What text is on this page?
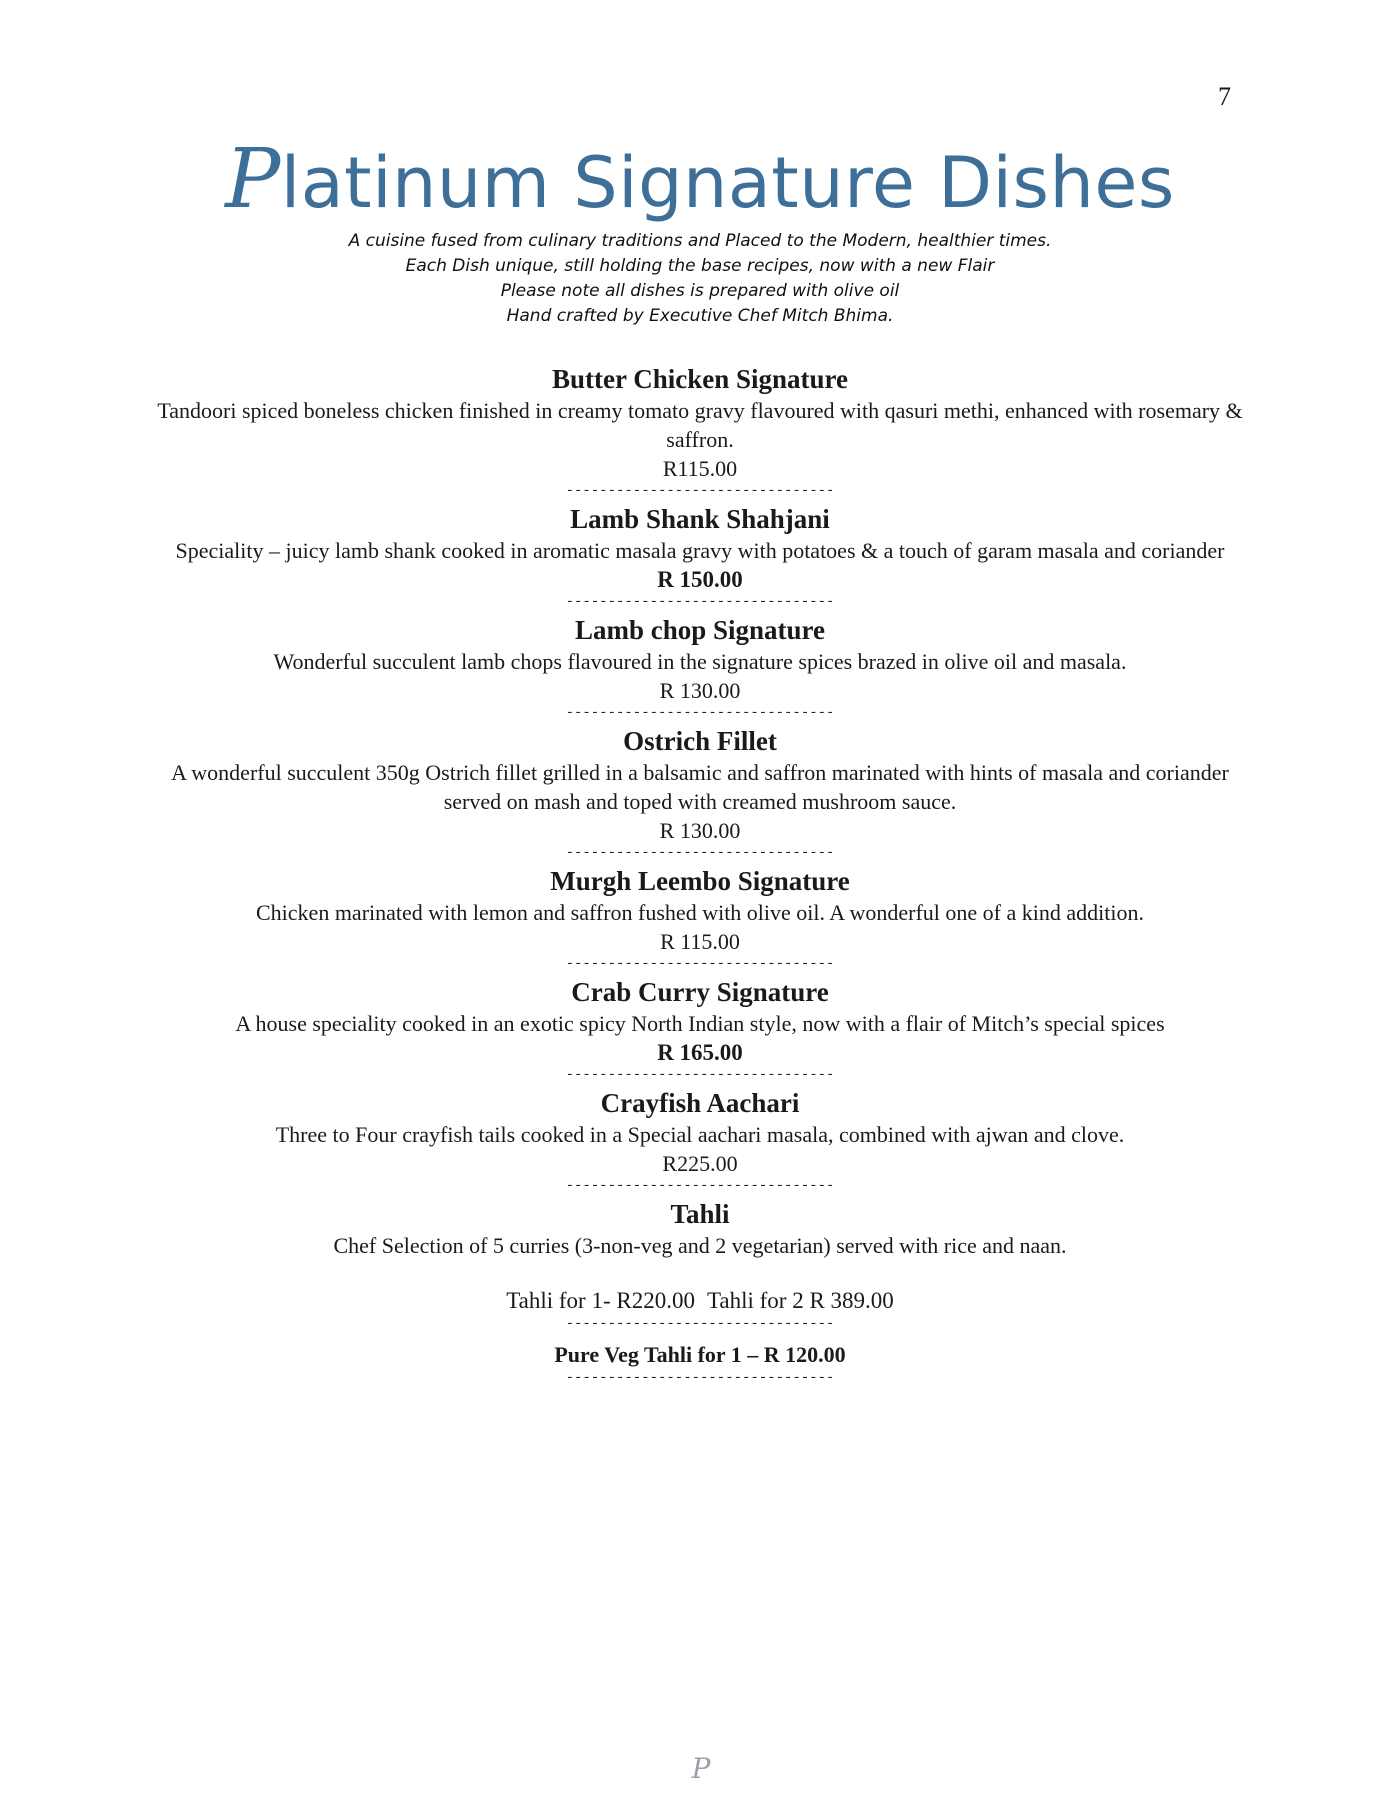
7
Platinum Signature Dishes
A cuisine fused from culinary traditions and Placed to the Modern, healthier times.
Each Dish unique, still holding the base recipes, now with a new Flair
Please note all dishes is prepared with olive oil
Hand crafted by Executive Chef Mitch Bhima.
Butter Chicken Signature
Tandoori spiced boneless chicken finished in creamy tomato gravy flavoured with qasuri methi, enhanced with rosemary & saffron.
R115.00
--------------------------------
Lamb Shank Shahjani
Speciality – juicy lamb shank cooked in aromatic masala gravy with potatoes & a touch of garam masala and coriander
R 150.00
--------------------------------
Lamb chop Signature
Wonderful succulent lamb chops flavoured in the signature spices brazed in olive oil and masala.
R 130.00
--------------------------------
Ostrich Fillet
A wonderful succulent 350g Ostrich fillet grilled in a balsamic and saffron marinated with hints of masala and coriander served on mash and toped with creamed mushroom sauce.
R 130.00
--------------------------------
Murgh Leembo Signature
Chicken marinated with lemon and saffron fushed with olive oil. A wonderful one of a kind addition.
R 115.00
--------------------------------
Crab Curry Signature
A house speciality cooked in an exotic spicy North Indian style, now with a flair of Mitch’s special spices
R 165.00
--------------------------------
Crayfish Aachari
Three to Four crayfish tails cooked in a Special aachari masala, combined with ajwan and clove.
R225.00
--------------------------------
Tahli
Chef Selection of 5 curries (3-non-veg and 2 vegetarian) served with rice and naan.
Tahli for 1- R220.00 Tahli for 2 R 389.00
--------------------------------
Pure Veg Tahli for 1 – R 120.00
--------------------------------
P
